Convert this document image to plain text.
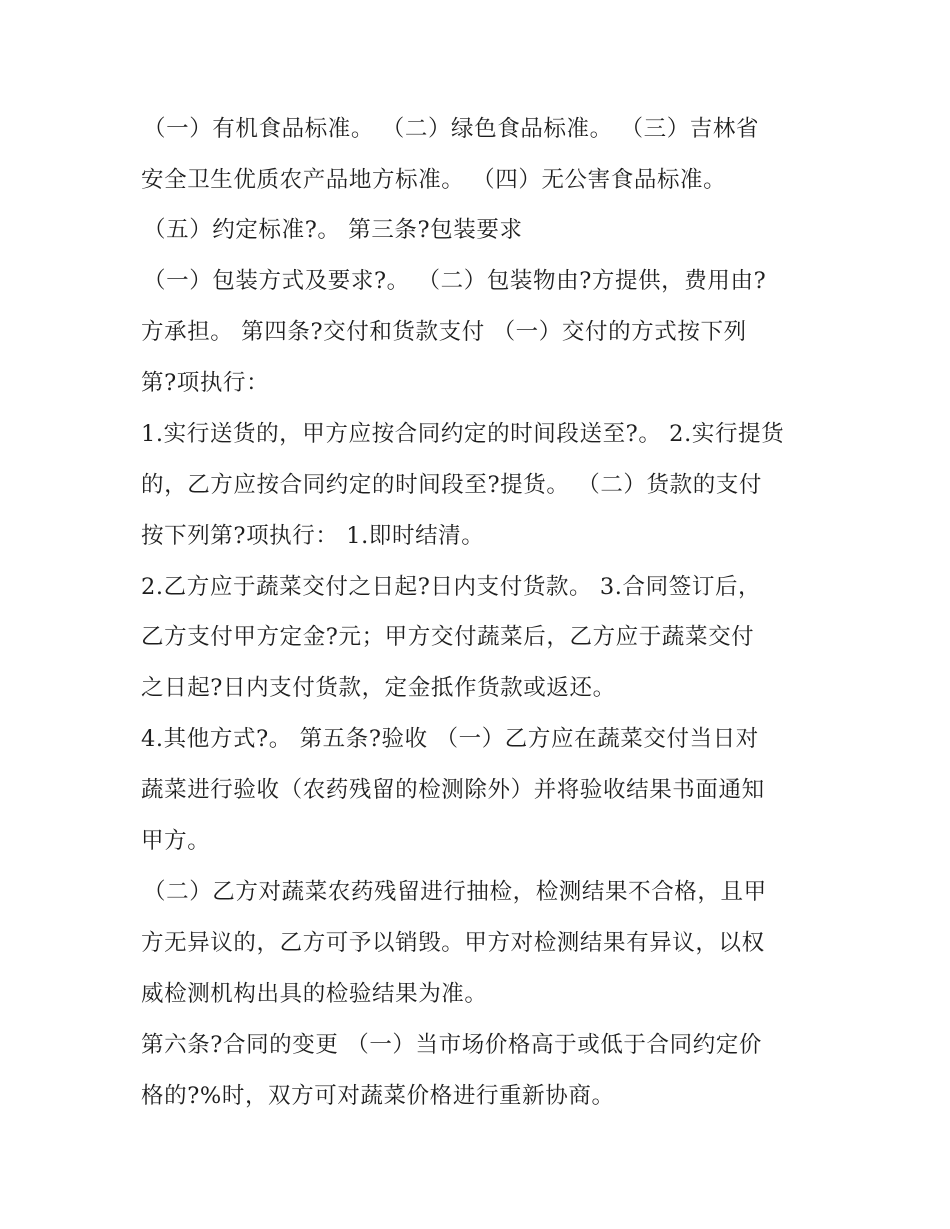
（一）有机食品标准。 （二）绿色食品标准。 （三）吉林省
安全卫生优质农产品地方标准。 （四）无公害食品标准。
（五）约定标准?。 第三条?包装要求
（一）包装方式及要求?。 （二）包装物由?方提供，费用由?
方承担。 第四条?交付和货款支付 （一）交付的方式按下列
第?项执行：
1.实行送货的，甲方应按合同约定的时间段送至?。 2.实行提货
的，乙方应按合同约定的时间段至?提货。 （二）货款的支付
按下列第?项执行： 1.即时结清。
2.乙方应于蔬菜交付之日起?日内支付货款。 3.合同签订后，
乙方支付甲方定金?元；甲方交付蔬菜后，乙方应于蔬菜交付
之日起?日内支付货款，定金抵作货款或返还。
4.其他方式?。 第五条?验收 （一）乙方应在蔬菜交付当日对
蔬菜进行验收（农药残留的检测除外）并将验收结果书面通知
甲方。
（二）乙方对蔬菜农药残留进行抽检，检测结果不合格，且甲
方无异议的，乙方可予以销毁。甲方对检测结果有异议，以权
威检测机构出具的检验结果为准。
第六条?合同的变更 （一）当市场价格高于或低于合同约定价
格的?%时，双方可对蔬菜价格进行重新协商。
